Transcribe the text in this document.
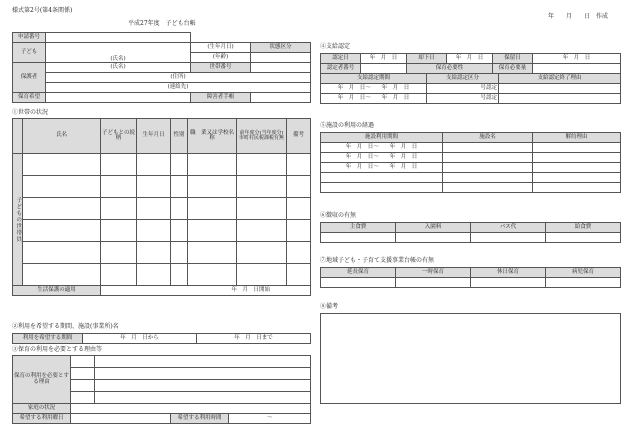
様式第2号(第4条関係)
平成27年度　子ども台帳
年　　月　　日　作成
申請番号			
子ども	(氏名)	(生年月日)	状態区分
		(年齢)	
保護者	(氏名)	世帯番号	
	(住所)		
	(連絡先)		
保育希望		障害者手帳	
①世帯の状況
	氏名	子どもとの続柄	生年月日	性別	職　業又は学校名称	前年度分(当年度分)市町村民税課税有無	備考
子どもの世帯員							

生活保護の適用		年　月　日開始					
②利用を希望する期間、施設(事業所)名
利用を希望する期間	年　月　日から	年　月　日まで
③保育の利用を必要とする理由等
保育の利用を必要とする理由		

家庭の状況		
希望する利用曜日		希望する利用時間	〜
④支給認定
認定日	年　月　日	却下日	年　月　日	保留日	年　月　日
認定者番号		保育必要性		保育必要量	
支給認定期間	支給認定区分	支給認定終了理由
年　月　日〜　　年　月　日	号認定	
年　月　日〜　　年　月　日	号認定	
⑤施設の利用の経過
施設利用期間	施設名	解約理由
年　月　日〜　　年　月　日		
年　月　日〜　　年　月　日		
年　月　日〜　　年　月　日		

⑥徴収の有無
主食費	入園料	バス代	給食費

⑦地域子ども・子育て支援事業台帳の有無
延長保育	一時保育	休日保育	病児保育

⑧備考
